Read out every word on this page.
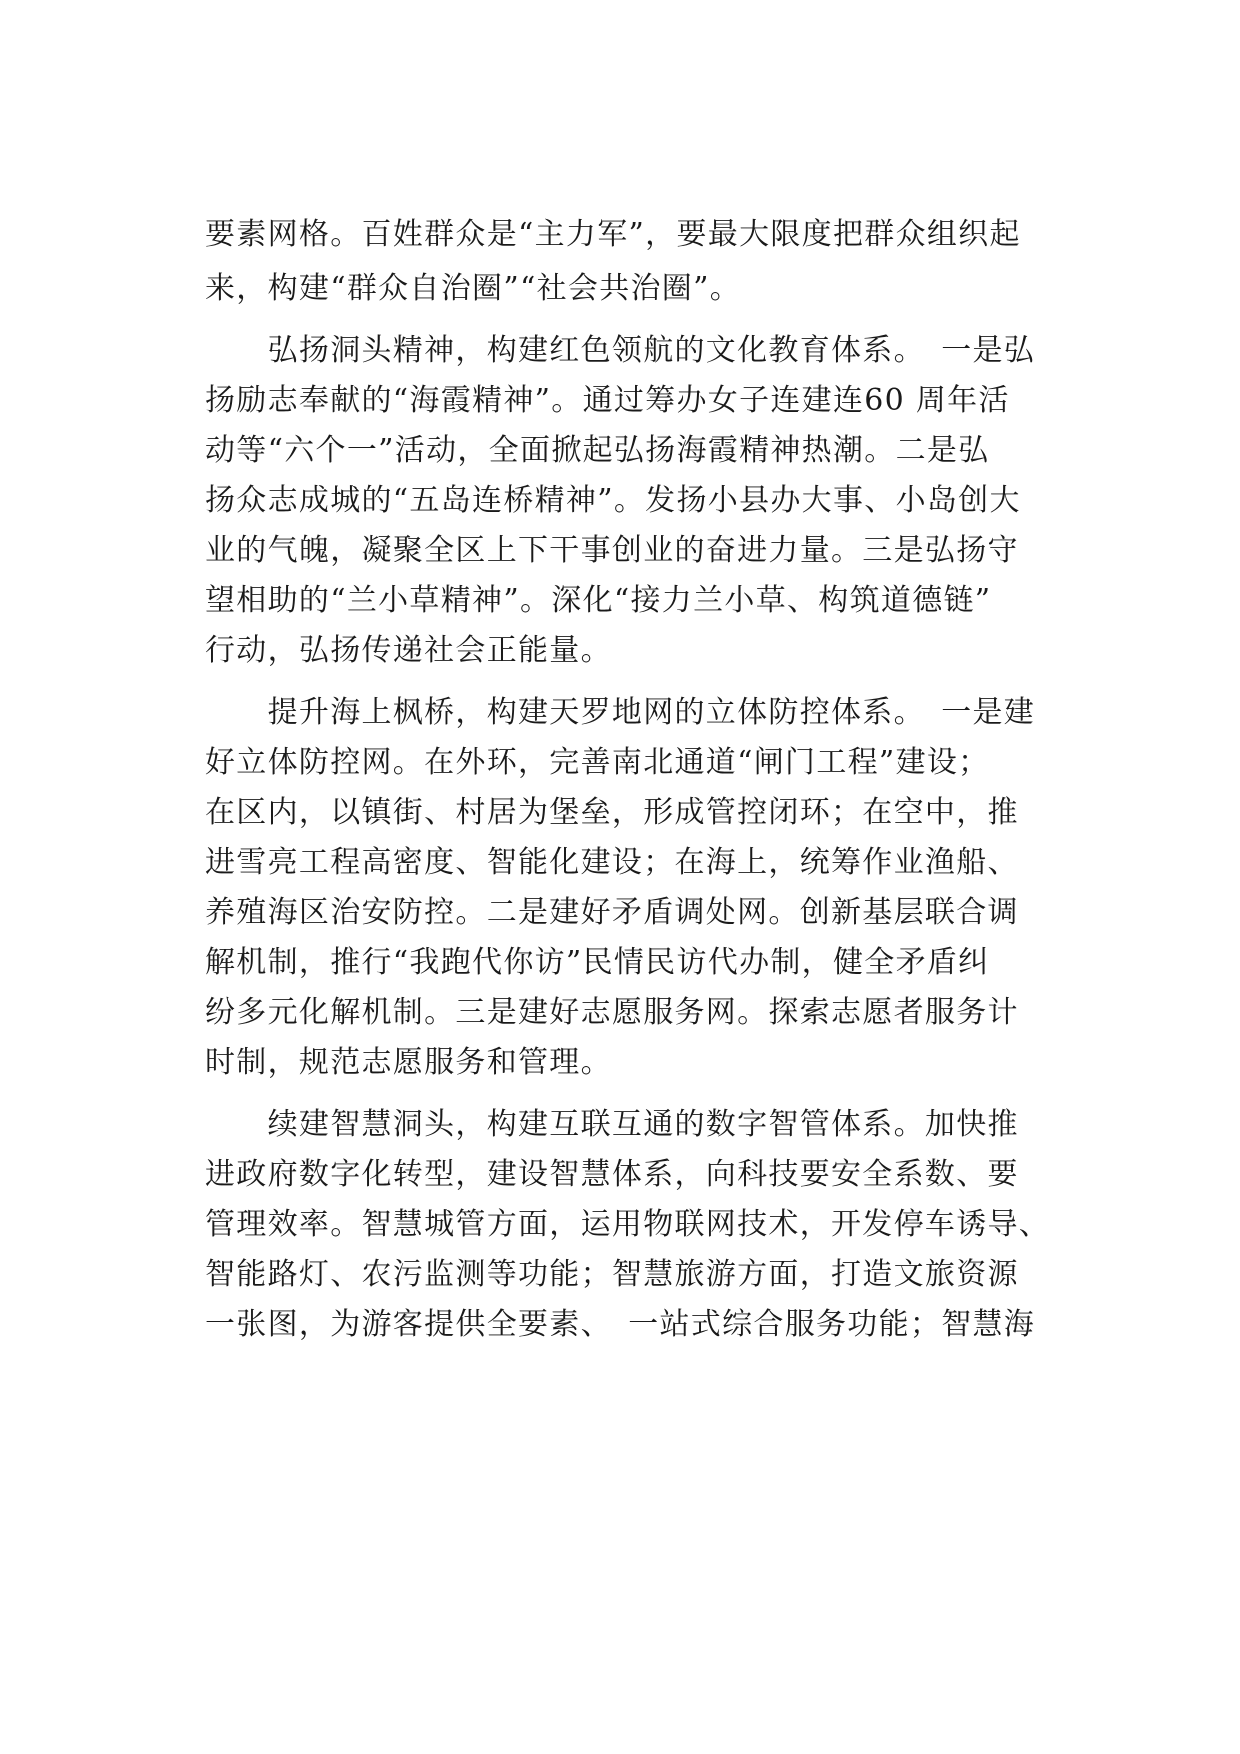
要素网格。百姓群众是“主力军”，要最大限度把群众组织起
来，构建“群众自治圈”“社会共治圈”。
　　弘扬洞头精神，构建红色领航的文化教育体系。　一是弘
扬励志奉献的“海霞精神”。通过筹办女子连建连60 周年活
动等“六个一”活动，全面掀起弘扬海霞精神热潮。二是弘
扬众志成城的“五岛连桥精神”。发扬小县办大事、小岛创大
业的气魄，凝聚全区上下干事创业的奋进力量。三是弘扬守
望相助的“兰小草精神”。深化“接力兰小草、构筑道德链”
行动，弘扬传递社会正能量。
　　提升海上枫桥，构建天罗地网的立体防控体系。　一是建
好立体防控网。在外环，完善南北通道“闸门工程”建设；
在区内，以镇街、村居为堡垒，形成管控闭环；在空中，推
进雪亮工程高密度、智能化建设；在海上，统筹作业渔船、
养殖海区治安防控。二是建好矛盾调处网。创新基层联合调
解机制，推行“我跑代你访”民情民访代办制，健全矛盾纠
纷多元化解机制。三是建好志愿服务网。探索志愿者服务计
时制，规范志愿服务和管理。
　　续建智慧洞头，构建互联互通的数字智管体系。加快推
进政府数字化转型，建设智慧体系，向科技要安全系数、要
管理效率。智慧城管方面，运用物联网技术，开发停车诱导、
智能路灯、农污监测等功能；智慧旅游方面，打造文旅资源
一张图，为游客提供全要素、　一站式综合服务功能；智慧海
